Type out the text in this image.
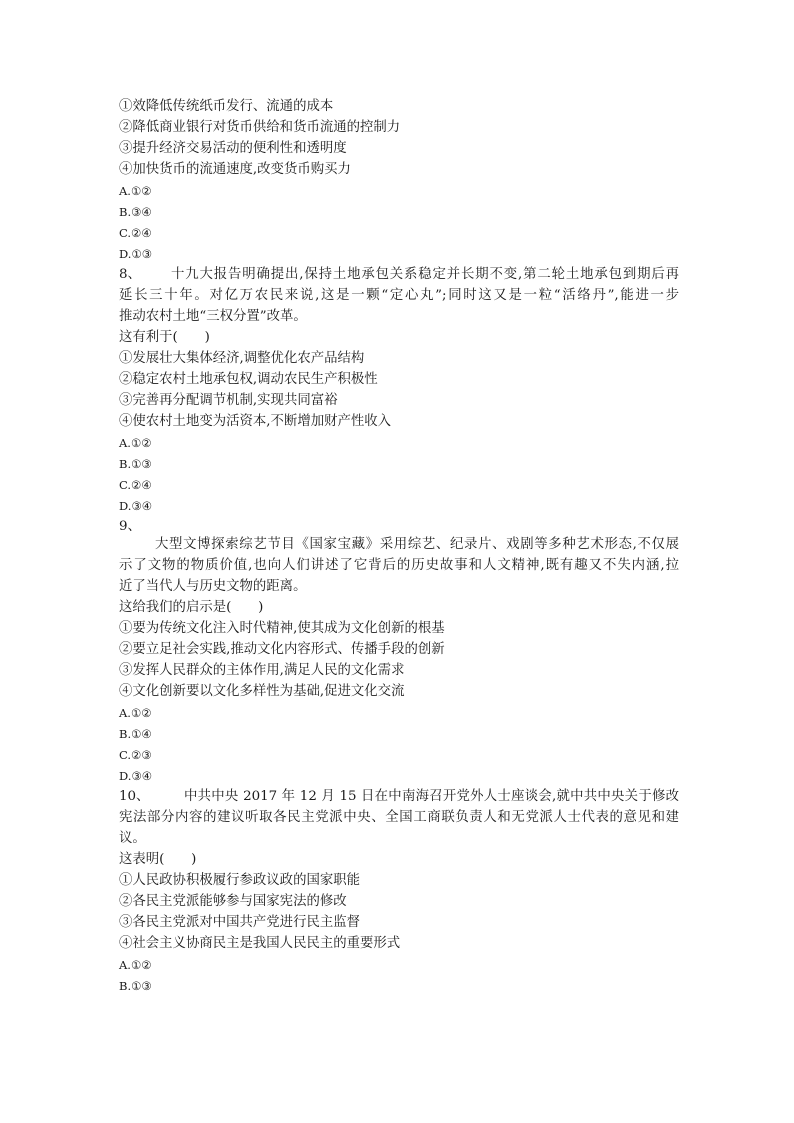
①效降低传统纸币发行、流通的成本
②降低商业银行对货币供给和货币流通的控制力
③提升经济交易活动的便利性和透明度
④加快货币的流通速度,改变货币购买力
A.①②
B.③④
C.②④
D.①③
8、 十九大报告明确提出,保持土地承包关系稳定并长期不变,第二轮土地承包到期后再
延长三十年。对亿万农民来说,这是一颗“定心丸”;同时这又是一粒“活络丹”,能进一步
推动农村土地“三权分置”改革。
这有利于(　　)
①发展壮大集体经济,调整优化农产品结构
②稳定农村土地承包权,调动农民生产积极性
③完善再分配调节机制,实现共同富裕
④使农村土地变为活资本,不断增加财产性收入
A.①②
B.①③
C.②④
D.③④
9、
大型文博探索综艺节目《国家宝藏》采用综艺、纪录片、戏剧等多种艺术形态,不仅展
示了文物的物质价值,也向人们讲述了它背后的历史故事和人文精神,既有趣又不失内涵,拉
近了当代人与历史文物的距离。
这给我们的启示是(　　)
①要为传统文化注入时代精神,使其成为文化创新的根基
②要立足社会实践,推动文化内容形式、传播手段的创新
③发挥人民群众的主体作用,满足人民的文化需求
④文化创新要以文化多样性为基础,促进文化交流
A.①②
B.①④
C.②③
D.③④
10、	中共中央 2017 年 12 月 15 日在中南海召开党外人士座谈会,就中共中央关于修改
宪法部分内容的建议听取各民主党派中央、全国工商联负责人和无党派人士代表的意见和建
议。
这表明(　　)
①人民政协积极履行参政议政的国家职能
②各民主党派能够参与国家宪法的修改
③各民主党派对中国共产党进行民主监督
④社会主义协商民主是我国人民民主的重要形式
A.①②
B.①③
